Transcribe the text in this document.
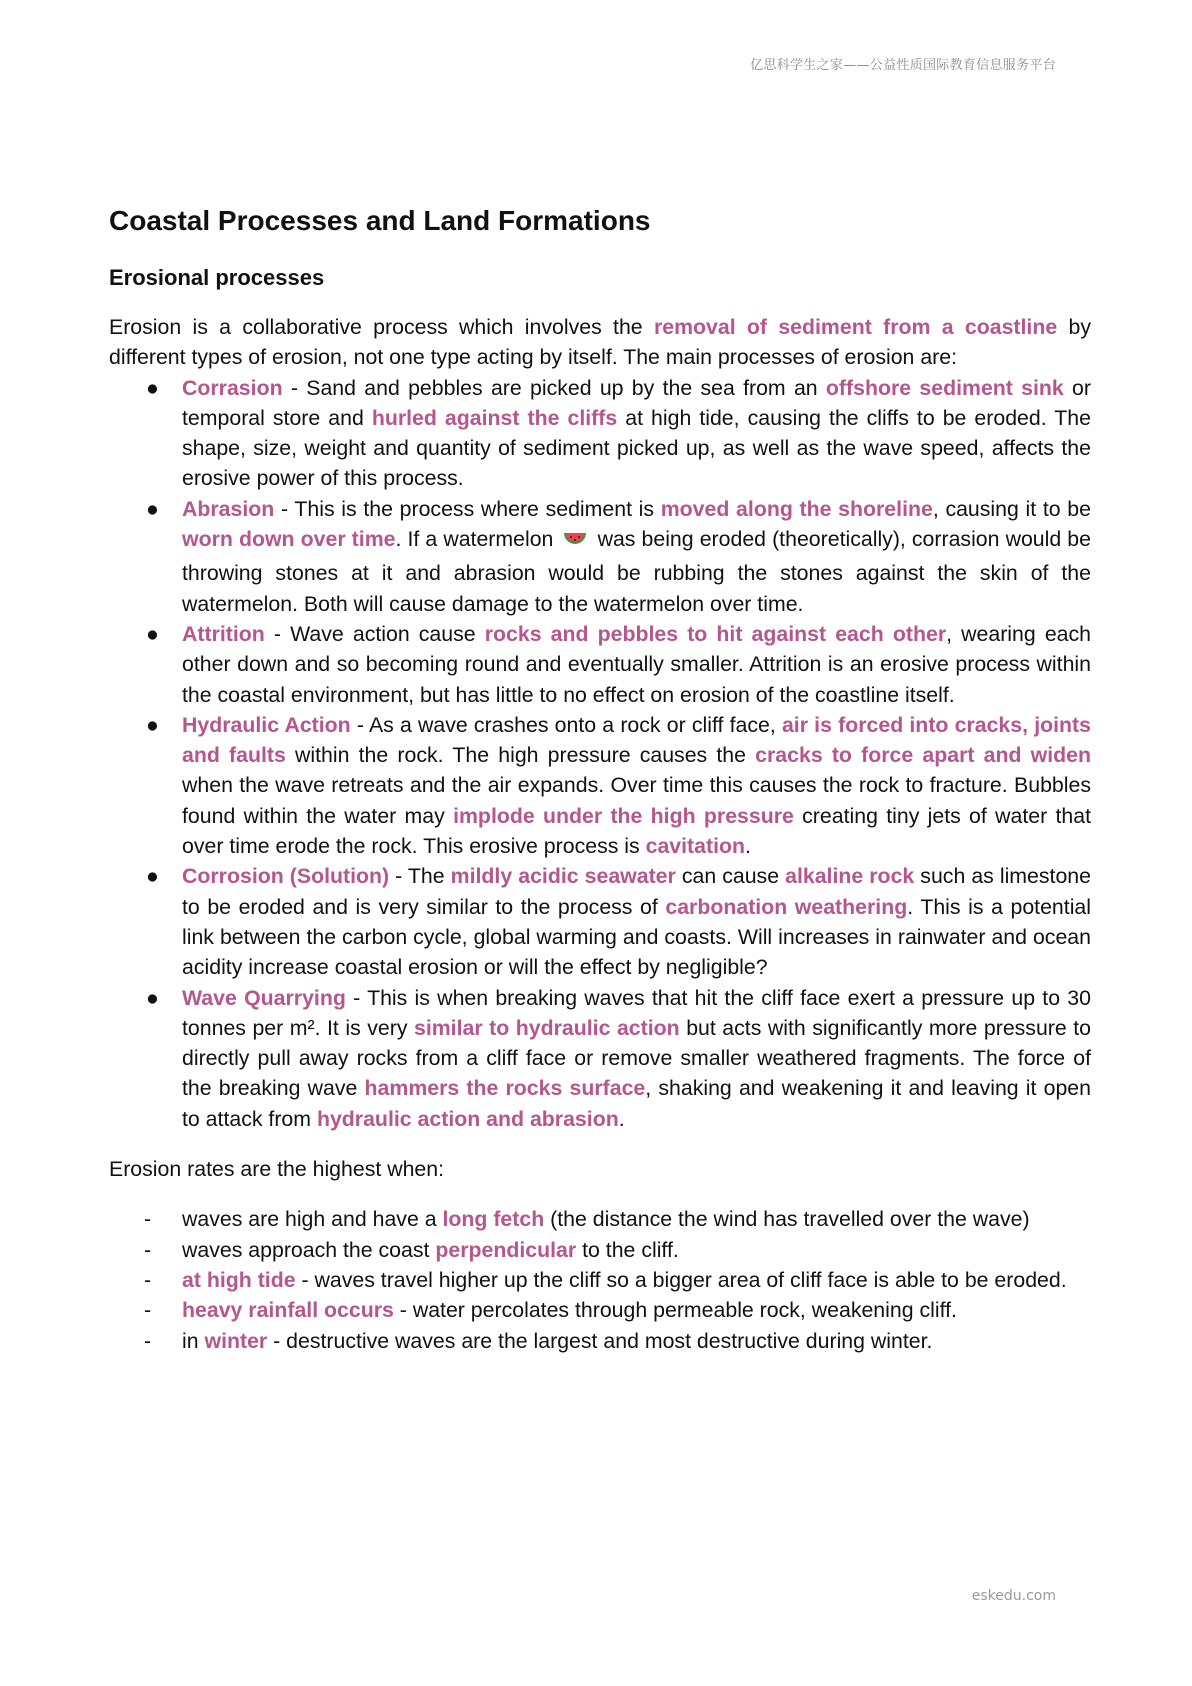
亿思科学生之家——公益性质国际教育信息服务平台
Coastal Processes and Land Formations
Erosional processes

Erosion is a collaborative process which involves the removal of sediment from a coastline by different types of erosion, not one type acting by itself. The main processes of erosion are:

● Corrasion - Sand and pebbles are picked up by the sea from an offshore sediment sink or temporal store and hurled against the cliffs at high tide, causing the cliffs to be eroded. The shape, size, weight and quantity of sediment picked up, as well as the wave speed, affects the erosive power of this process.
● Abrasion - This is the process where sediment is moved along the shoreline, causing it to be worn down over time. If a watermelon was being eroded (theoretically), corrasion would be throwing stones at it and abrasion would be rubbing the stones against the skin of the watermelon. Both will cause damage to the watermelon over time.
● Attrition - Wave action cause rocks and pebbles to hit against each other, wearing each other down and so becoming round and eventually smaller. Attrition is an erosive process within the coastal environment, but has little to no effect on erosion of the coastline itself.
● Hydraulic Action - As a wave crashes onto a rock or cliff face, air is forced into cracks, joints and faults within the rock. The high pressure causes the cracks to force apart and widen when the wave retreats and the air expands. Over time this causes the rock to fracture. Bubbles found within the water may implode under the high pressure creating tiny jets of water that over time erode the rock. This erosive process is cavitation.
● Corrosion (Solution) - The mildly acidic seawater can cause alkaline rock such as limestone to be eroded and is very similar to the process of carbonation weathering. This is a potential link between the carbon cycle, global warming and coasts. Will increases in rainwater and ocean acidity increase coastal erosion or will the effect by negligible?
● Wave Quarrying - This is when breaking waves that hit the cliff face exert a pressure up to 30 tonnes per m². It is very similar to hydraulic action but acts with significantly more pressure to directly pull away rocks from a cliff face or remove smaller weathered fragments. The force of the breaking wave hammers the rocks surface, shaking and weakening it and leaving it open to attack from hydraulic action and abrasion.

Erosion rates are the highest when:

- waves are high and have a long fetch (the distance the wind has travelled over the wave)
- waves approach the coast perpendicular to the cliff.
- at high tide - waves travel higher up the cliff so a bigger area of cliff face is able to be eroded.
- heavy rainfall occurs - water percolates through permeable rock, weakening cliff.
- in winter - destructive waves are the largest and most destructive during winter.
eskedu.com
